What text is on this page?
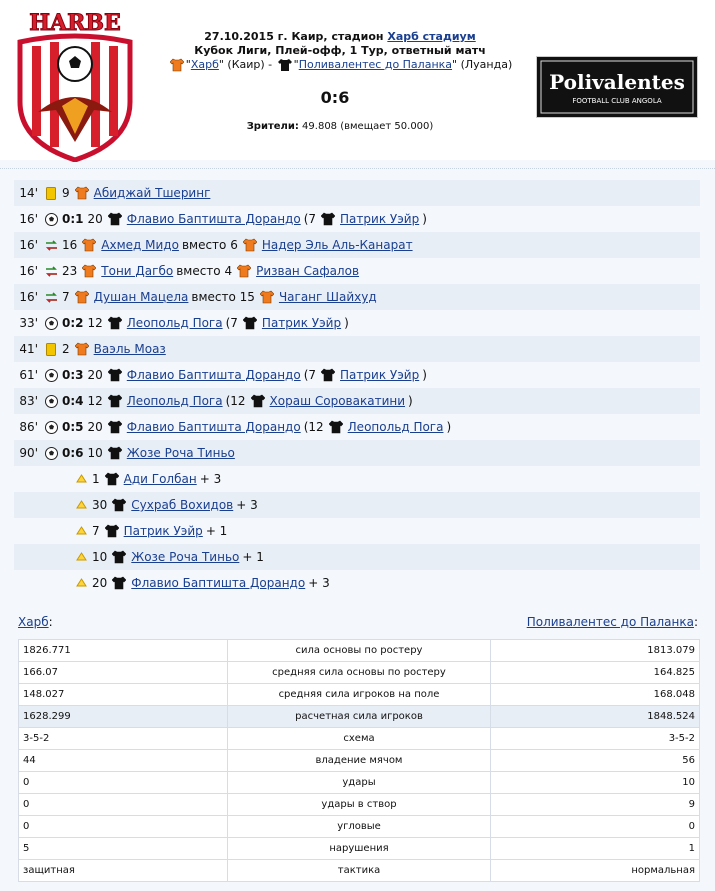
HARBE
27.10.2015 г. Каир, стадион Харб стадиум
Кубок Лиги, Плей-офф, 1 Тур, ответный матч
"Харб" (Каир) - "Поливалентес до Паланка" (Луанда)
0:6
Зрители: 49.808 (вмещает 50.000)
Polivalentes
FOOTBALL CLUB ANGOLA
14'	9 Абиджай Тшеринг
16'	0:1 20 Флавио Баптишта Дорандо (7 Патрик Уэйр )
16'	16 Ахмед Мидо вместо 6 Надер Эль Аль-Канарат
16'	23 Тони Дагбо вместо 4 Ризван Сафалов
16'	7 Душан Мацела вместо 15 Чаганг Шайхуд
33'	0:2 12 Леопольд Пога (7 Патрик Уэйр )
41'	2 Ваэль Моаз
61'	0:3 20 Флавио Баптишта Дорандо (7 Патрик Уэйр )
83'	0:4 12 Леопольд Пога (12 Хораш Соровакатини )
86'	0:5 20 Флавио Баптишта Дорандо (12 Леопольд Пога )
90'	0:6 10 Жозе Роча Тиньо
1 Ади Голбан + 3
30 Сухраб Вохидов + 3
7 Патрик Уэйр + 1
10 Жозе Роча Тиньо + 1
20 Флавио Баптишта Дорандо + 3
Харб:	Поливалентес до Паланка:
1826.771	сила основы по ростеру	1813.079
166.07	средняя сила основы по ростеру	164.825
148.027	средняя сила игроков на поле	168.048
1628.299	расчетная сила игроков	1848.524
3-5-2	схема	3-5-2
44	владение мячом	56
0	удары	10
0	удары в створ	9
0	угловые	0
5	нарушения	1
защитная	тактика	нормальная
